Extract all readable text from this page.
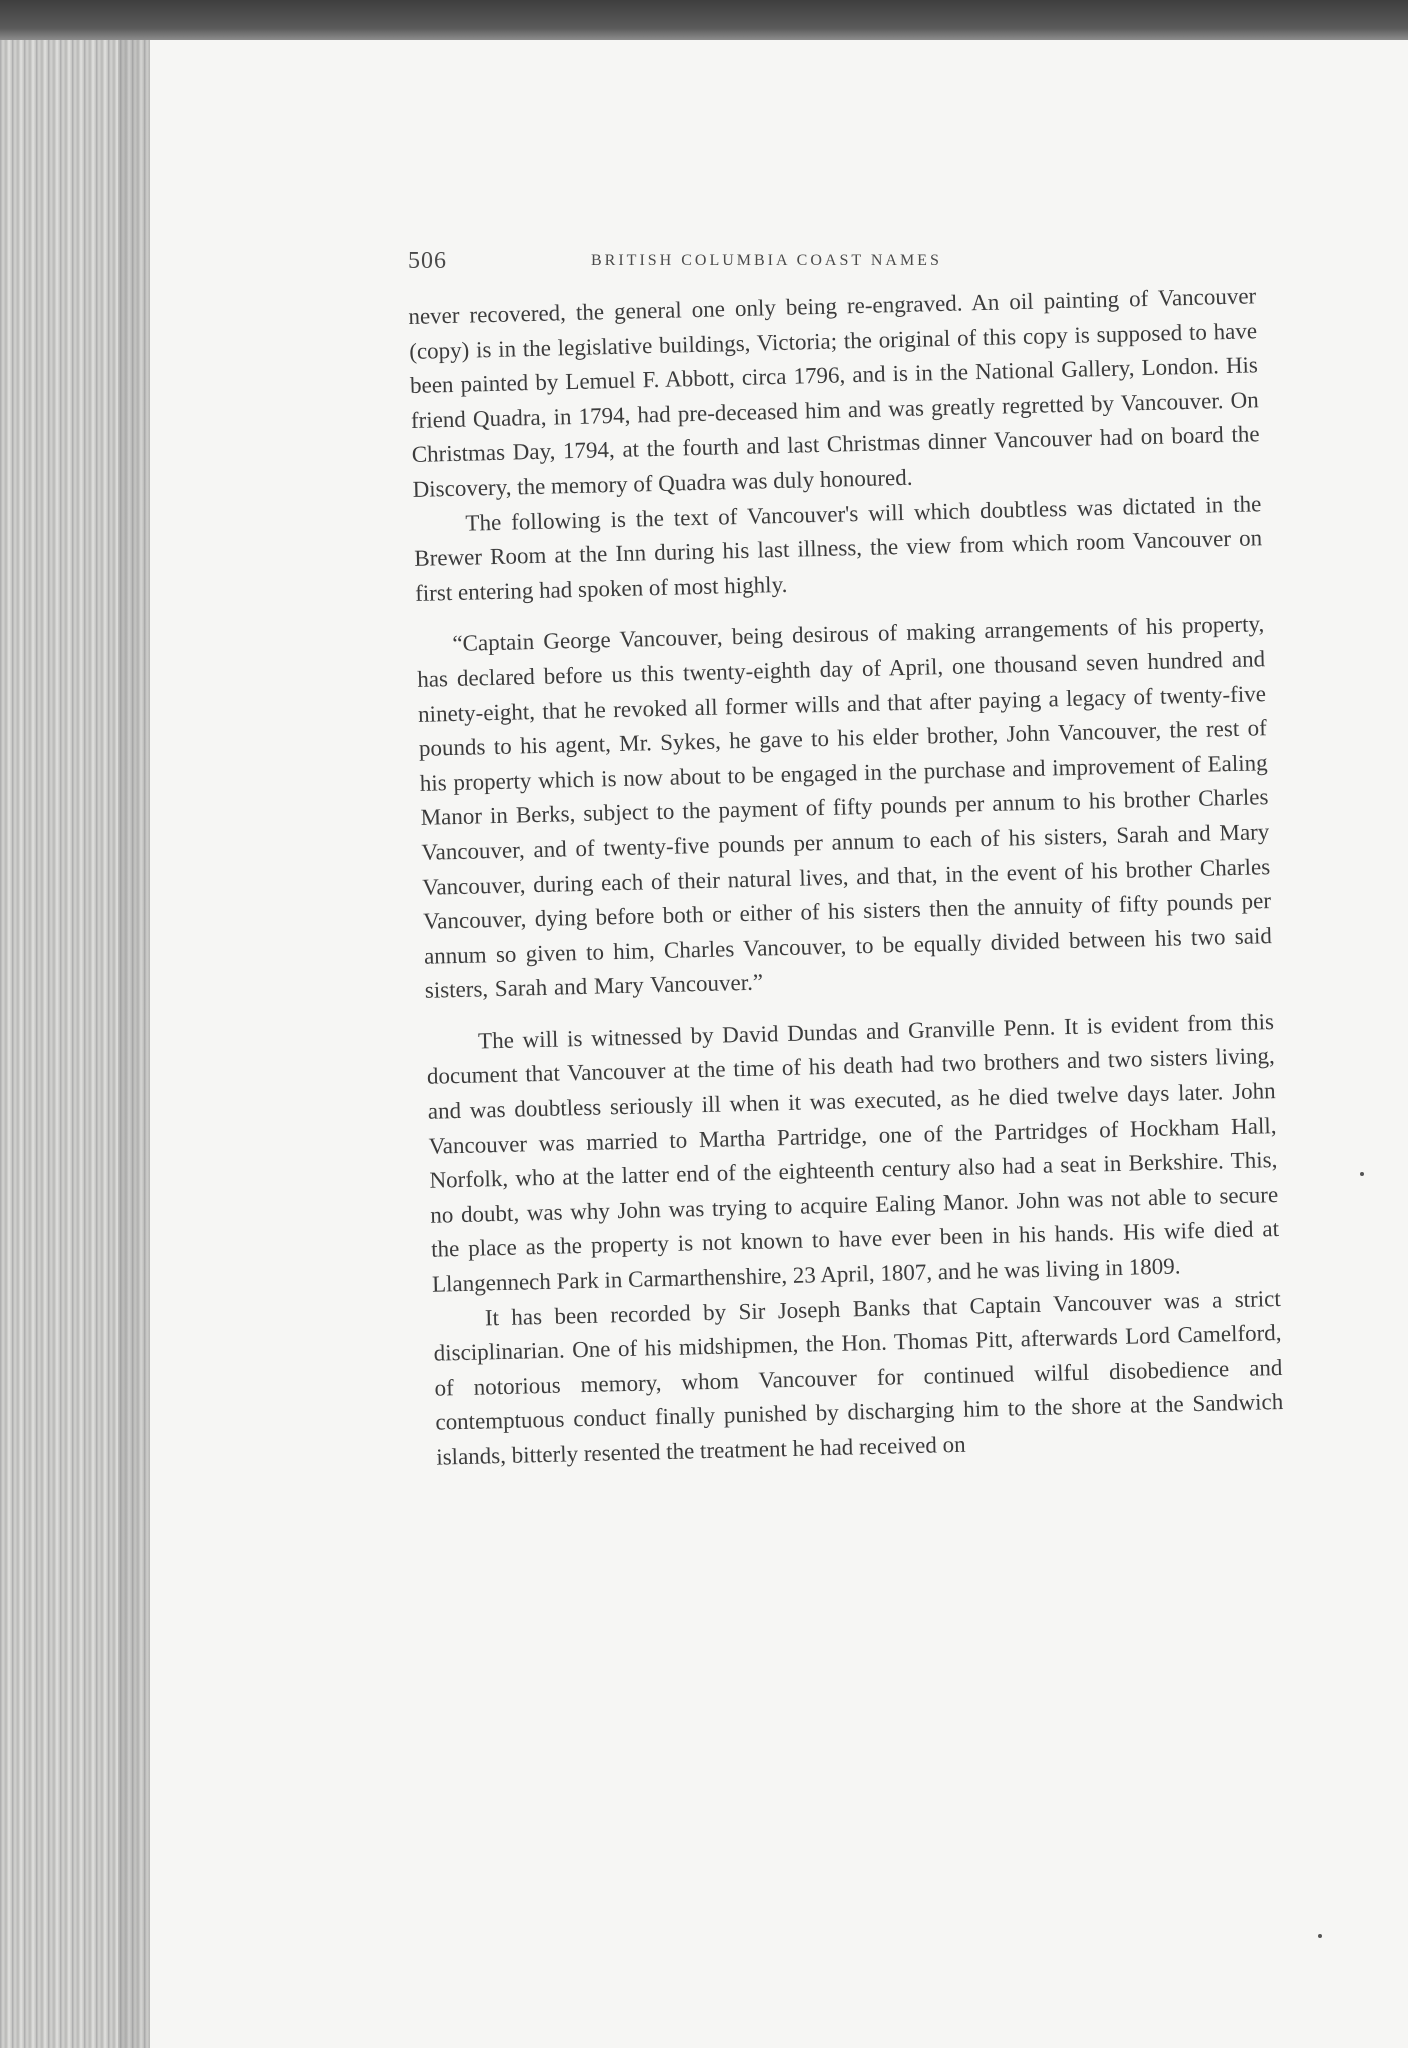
506	BRITISH COLUMBIA COAST NAMES

never recovered, the general one only being re-engraved. An oil painting of Vancouver (copy) is in the legislative buildings, Victoria; the original of this copy is supposed to have been painted by Lemuel F. Abbott, circa 1796, and is in the National Gallery, London. His friend Quadra, in 1794, had pre-deceased him and was greatly regretted by Vancouver. On Christmas Day, 1794, at the fourth and last Christmas dinner Vancouver had on board the Discovery, the memory of Quadra was duly honoured.

The following is the text of Vancouver's will which doubtless was dictated in the Brewer Room at the Inn during his last illness, the view from which room Vancouver on first entering had spoken of most highly.

“Captain George Vancouver, being desirous of making arrangements of his property, has declared before us this twenty-eighth day of April, one thousand seven hundred and ninety-eight, that he revoked all former wills and that after paying a legacy of twenty-five pounds to his agent, Mr. Sykes, he gave to his elder brother, John Vancouver, the rest of his property which is now about to be engaged in the purchase and improvement of Ealing Manor in Berks, subject to the payment of fifty pounds per annum to his brother Charles Vancouver, and of twenty-five pounds per annum to each of his sisters, Sarah and Mary Vancouver, during each of their natural lives, and that, in the event of his brother Charles Vancouver, dying before both or either of his sisters then the annuity of fifty pounds per annum so given to him, Charles Vancouver, to be equally divided between his two said sisters, Sarah and Mary Vancouver.”

The will is witnessed by David Dundas and Granville Penn. It is evident from this document that Vancouver at the time of his death had two brothers and two sisters living, and was doubtless seriously ill when it was executed, as he died twelve days later. John Vancouver was married to Martha Partridge, one of the Partridges of Hockham Hall, Norfolk, who at the latter end of the eighteenth century also had a seat in Berkshire. This, no doubt, was why John was trying to acquire Ealing Manor. John was not able to secure the place as the property is not known to have ever been in his hands. His wife died at Llangennech Park in Carmarthenshire, 23 April, 1807, and he was living in 1809.

It has been recorded by Sir Joseph Banks that Captain Vancouver was a strict disciplinarian. One of his midshipmen, the Hon. Thomas Pitt, afterwards Lord Camelford, of notorious memory, whom Vancouver for continued wilful disobedience and contemptuous conduct finally punished by discharging him to the shore at the Sandwich islands, bitterly resented the treatment he had received on
